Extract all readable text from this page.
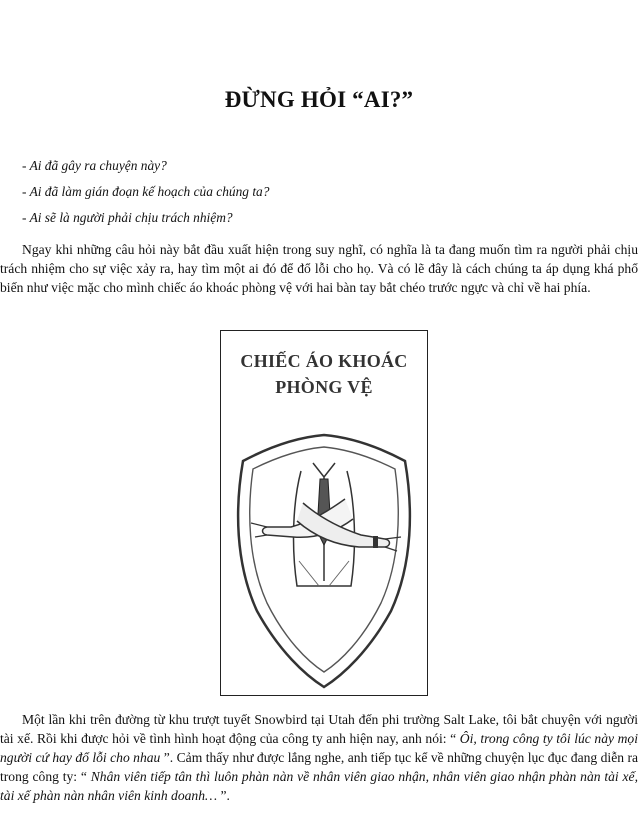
ĐỪNG HỎI “AI?”
- Ai đã gây ra chuyện này?
- Ai đã làm gián đoạn kế hoạch của chúng ta?
- Ai sẽ là người phải chịu trách nhiệm?

Ngay khi những câu hỏi này bắt đầu xuất hiện trong suy nghĩ, có nghĩa là ta đang muốn tìm ra người phải chịu trách nhiệm cho sự việc xảy ra, hay tìm một ai đó để đổ lỗi cho họ. Và có lẽ đây là cách chúng ta áp dụng khá phổ biến như việc mặc cho mình chiếc áo khoác phòng vệ với hai bàn tay bắt chéo trước ngực và chỉ về hai phía.

CHIẾC ÁO KHOÁC
PHÒNG VỆ

Một lần khi trên đường từ khu trượt tuyết Snowbird tại Utah đến phi trường Salt Lake, tôi bắt chuyện với người tài xế. Rồi khi được hỏi về tình hình hoạt động của công ty anh hiện nay, anh nói: “ Ôi, trong công ty tôi lúc này mọi người cứ hay đổ lỗi cho nhau ”. Cảm thấy như được lắng nghe, anh tiếp tục kể về những chuyện lục đục đang diễn ra trong công ty: “ Nhân viên tiếp tân thì luôn phàn nàn về nhân viên giao nhận, nhân viên giao nhận phàn nàn tài xế, tài xế phàn nàn nhân viên kinh doanh… ”.
